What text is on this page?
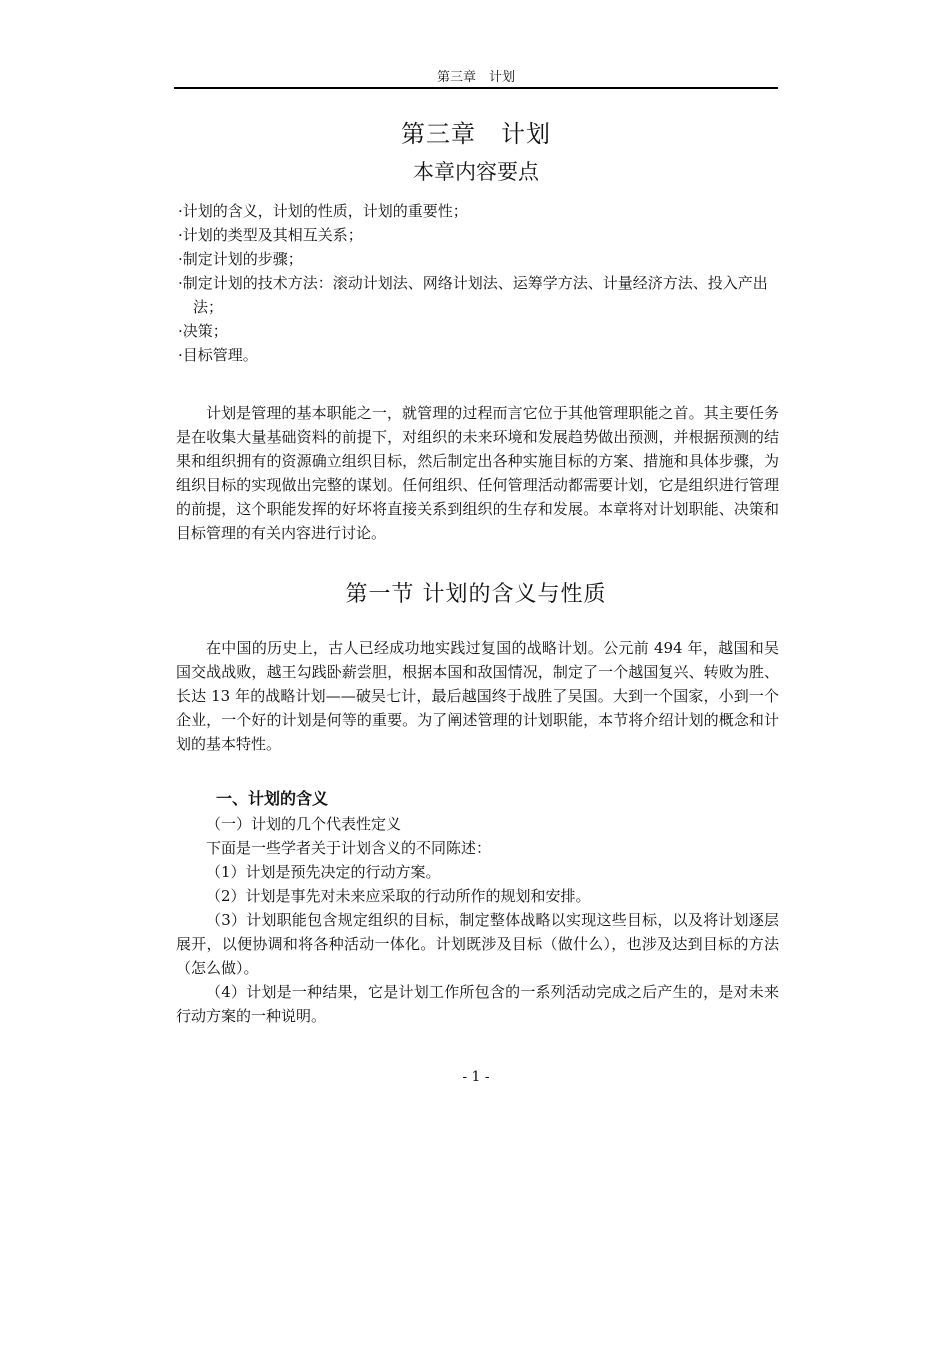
第三章　计划
第三章　计划
本章内容要点
·计划的含义，计划的性质，计划的重要性；
·计划的类型及其相互关系；
·制定计划的步骤；
·制定计划的技术方法：滚动计划法、网络计划法、运筹学方法、计量经济方法、投入产出法；
·决策；
·目标管理。

计划是管理的基本职能之一，就管理的过程而言它位于其他管理职能之首。其主要任务是在收集大量基础资料的前提下，对组织的未来环境和发展趋势做出预测，并根据预测的结果和组织拥有的资源确立组织目标，然后制定出各种实施目标的方案、措施和具体步骤，为组织目标的实现做出完整的谋划。任何组织、任何管理活动都需要计划，它是组织进行管理的前提，这个职能发挥的好坏将直接关系到组织的生存和发展。本章将对计划职能、决策和目标管理的有关内容进行讨论。

第一节 计划的含义与性质

在中国的历史上，古人已经成功地实践过复国的战略计划。公元前 494 年，越国和吴国交战战败，越王勾践卧薪尝胆，根据本国和敌国情况，制定了一个越国复兴、转败为胜、长达 13 年的战略计划——破吴七计，最后越国终于战胜了吴国。大到一个国家，小到一个企业，一个好的计划是何等的重要。为了阐述管理的计划职能，本节将介绍计划的概念和计划的基本特性。

一、计划的含义

（一）计划的几个代表性定义

下面是一些学者关于计划含义的不同陈述：

（1）计划是预先决定的行动方案。

（2）计划是事先对未来应采取的行动所作的规划和安排。

（3）计划职能包含规定组织的目标，制定整体战略以实现这些目标，以及将计划逐层展开，以便协调和将各种活动一体化。计划既涉及目标（做什么），也涉及达到目标的方法（怎么做）。

（4）计划是一种结果，它是计划工作所包含的一系列活动完成之后产生的，是对未来行动方案的一种说明。

- 1 -
